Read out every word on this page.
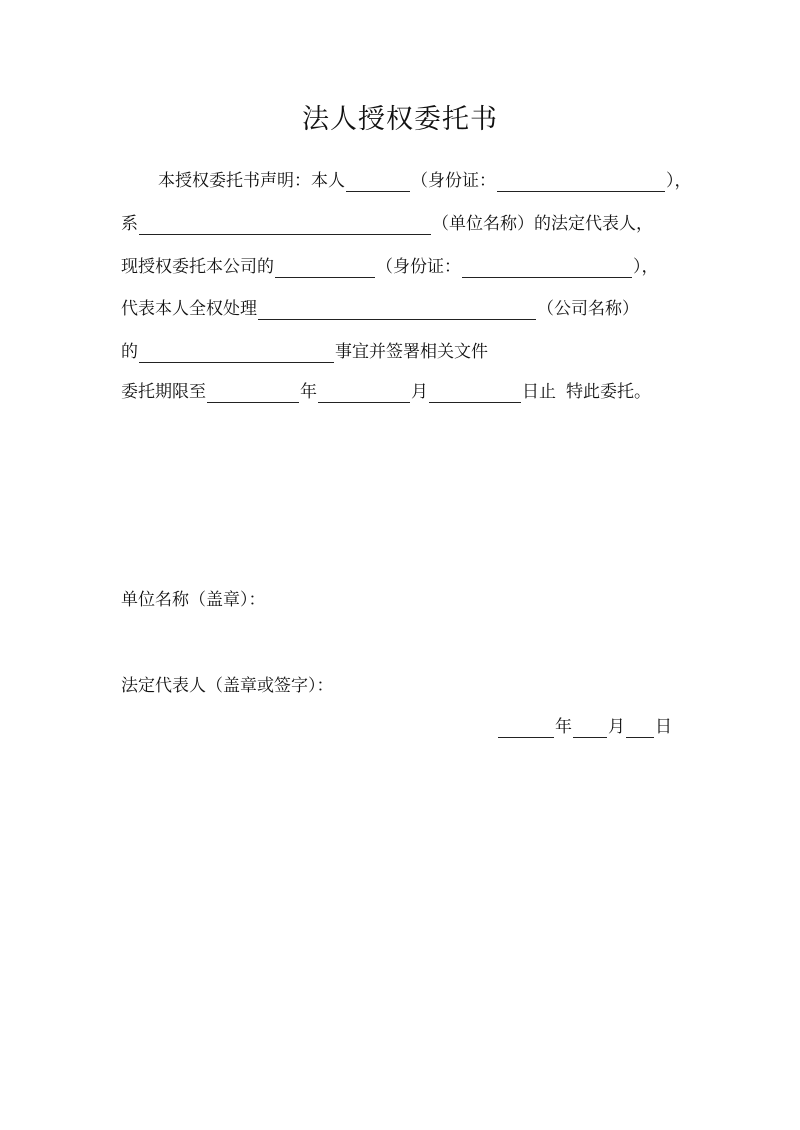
法人授权委托书
本授权委托书声明：本人	（身份证：	），
系	（单位名称）的法定代表人，
现授权委托本公司的	（身份证：	），
代表本人全权处理	（公司名称）
的	事宜并签署相关文件
委托期限至	年	月	日止 特此委托。
单位名称（盖章）：
法定代表人（盖章或签字）：
年 月 日
